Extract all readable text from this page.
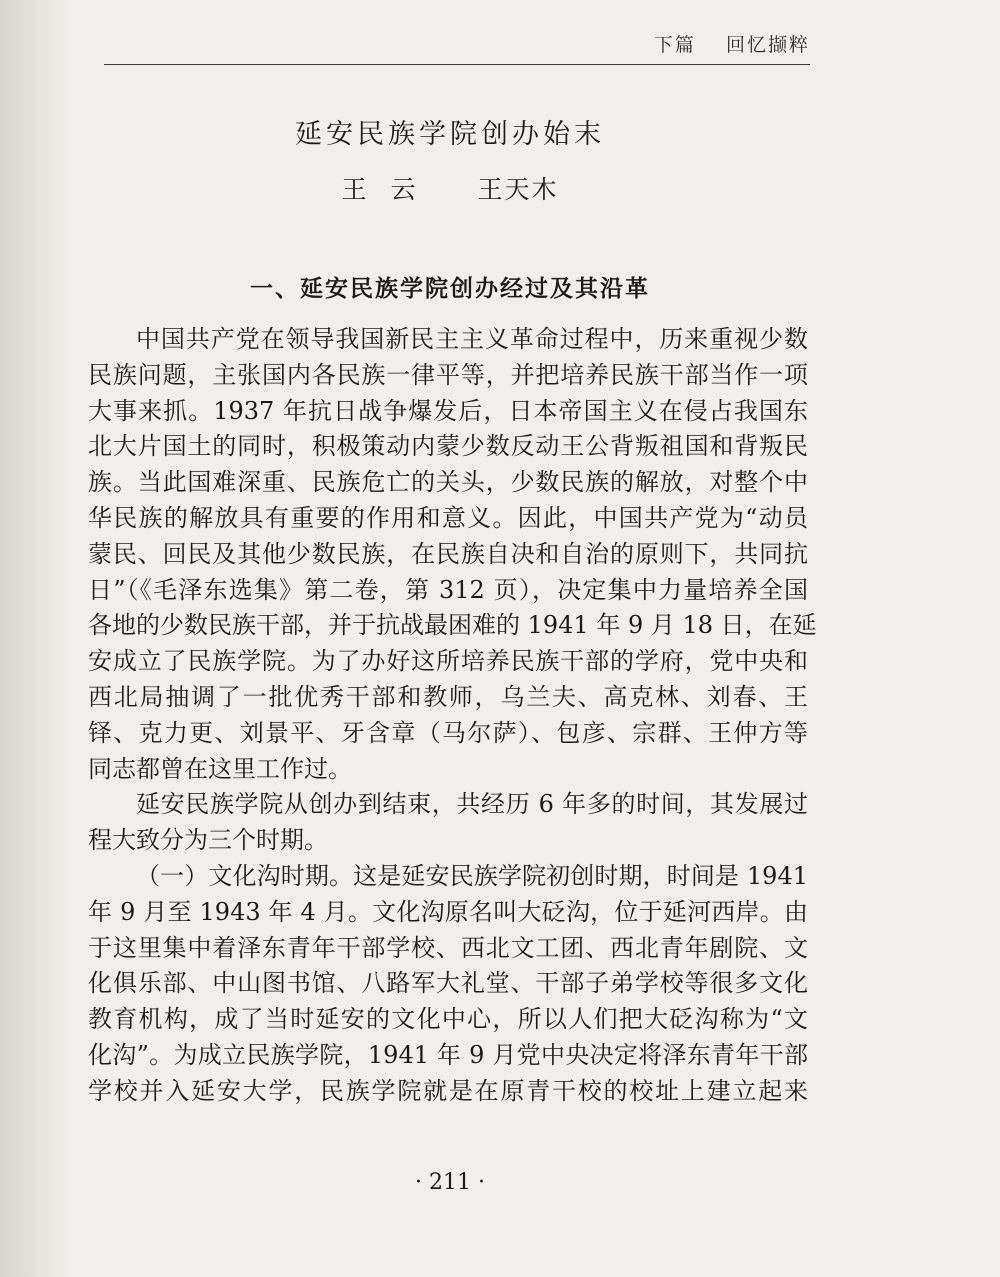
下篇 回忆撷粹
延安民族学院创办始末
王云 王天木
一、延安民族学院创办经过及其沿革
中国共产党在领导我国新民主主义革命过程中，历来重视少数
民族问题，主张国内各民族一律平等，并把培养民族干部当作一项
大事来抓。1937 年抗日战争爆发后，日本帝国主义在侵占我国东
北大片国土的同时，积极策动内蒙少数反动王公背叛祖国和背叛民
族。当此国难深重、民族危亡的关头，少数民族的解放，对整个中
华民族的解放具有重要的作用和意义。因此，中国共产党为“动员
蒙民、回民及其他少数民族，在民族自决和自治的原则下，共同抗
日”（《毛泽东选集》第二卷，第 312 页），决定集中力量培养全国
各地的少数民族干部，并于抗战最困难的 1941 年 9 月 18 日，在延
安成立了民族学院。为了办好这所培养民族干部的学府，党中央和
西北局抽调了一批优秀干部和教师，乌兰夫、高克林、刘春、王
铎、克力更、刘景平、牙含章（马尔萨）、包彦、宗群、王仲方等
同志都曾在这里工作过。
延安民族学院从创办到结束，共经历 6 年多的时间，其发展过
程大致分为三个时期。
（一）文化沟时期。这是延安民族学院初创时期，时间是 1941
年 9 月至 1943 年 4 月。文化沟原名叫大砭沟，位于延河西岸。由
于这里集中着泽东青年干部学校、西北文工团、西北青年剧院、文
化俱乐部、中山图书馆、八路军大礼堂、干部子弟学校等很多文化
教育机构，成了当时延安的文化中心，所以人们把大砭沟称为“文
化沟”。为成立民族学院，1941 年 9 月党中央决定将泽东青年干部
学校并入延安大学，民族学院就是在原青干校的校址上建立起来
· 211 ·
